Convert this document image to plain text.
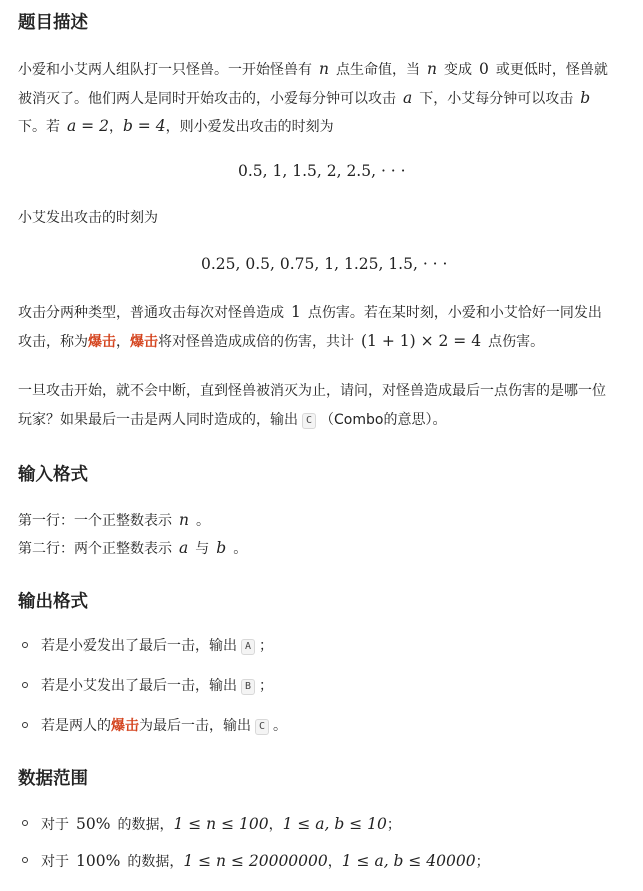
题目描述
小爱和小艾两人组队打一只怪兽。一开始怪兽有 n 点生命值，当 n 变成 0 或更低时，怪兽就
被消灭了。他们两人是同时开始攻击的，小爱每分钟可以攻击 a 下，小艾每分钟可以攻击 b
下。若 a = 2，b = 4，则小爱发出攻击的时刻为
0.5, 1, 1.5, 2, 2.5, · · ·
小艾发出攻击的时刻为
0.25, 0.5, 0.75, 1, 1.25, 1.5, · · ·
攻击分两种类型，普通攻击每次对怪兽造成 1 点伤害。若在某时刻，小爱和小艾恰好一同发出
攻击，称为爆击，爆击将对怪兽造成成倍的伤害，共计 (1 + 1) × 2 = 4 点伤害。
一旦攻击开始，就不会中断，直到怪兽被消灭为止，请问，对怪兽造成最后一点伤害的是哪一位
玩家？如果最后一击是两人同时造成的，输出 C （Combo的意思）。
输入格式
第一行：一个正整数表示 n 。
第二行：两个正整数表示 a 与 b 。
输出格式
若是小爱发出了最后一击，输出 A ；
若是小艾发出了最后一击，输出 B ；
若是两人的爆击为最后一击，输出 C 。
数据范围
对于 50% 的数据，1 ≤ n ≤ 100，1 ≤ a, b ≤ 10；
对于 100% 的数据，1 ≤ n ≤ 20000000，1 ≤ a, b ≤ 40000；
